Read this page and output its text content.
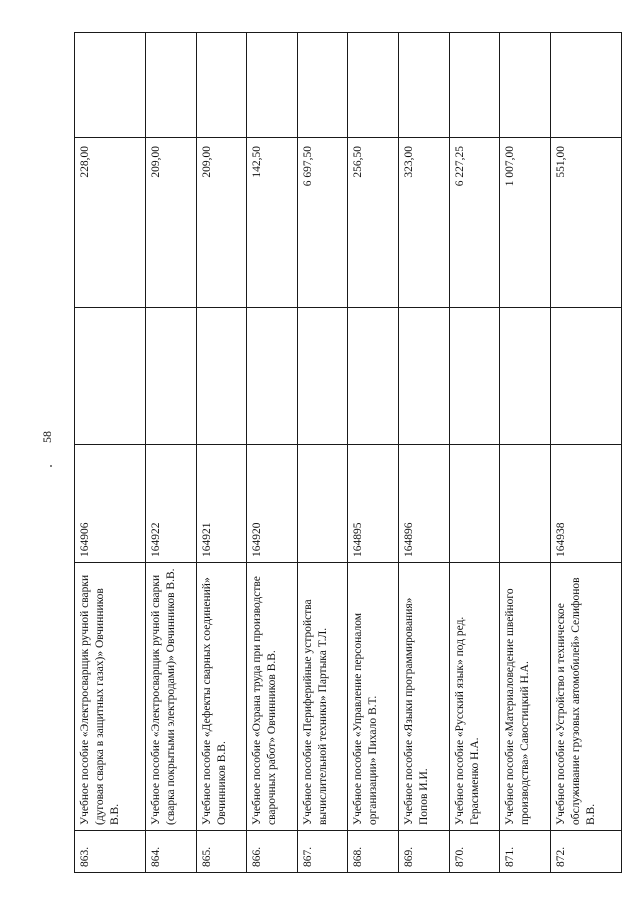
58
863.	Учебное пособие «Электросварщик ручной сварки (дуговая сварка в защитных газах)» Овчинников В.В.	164906		228,00	
864.	Учебное пособие «Электросварщик ручной сварки (сварка покрытыми электродами)» Овчинников В.В.	164922		209,00	
865.	Учебное пособие «Дефекты сварных соединений» Овчинников В.В.	164921		209,00	
866.	Учебное пособие «Охрана труда при производстве сварочных работ» Овчинников В.В.	164920		142,50	
867.	Учебное пособие «Периферийные устройства вычислительной техники» Партыка Т.Л.			6 697,50	
868.	Учебное пособие «Управление персоналом организации» Пихало В.Т.	164895		256,50	
869.	Учебное пособие «Языки программирования» Попов И.И.	164896		323,00	
870.	Учебное пособие «Русский язык» под ред. Герасименко Н.А.			6 227,25	
871.	Учебное пособие «Материаловедение швейного производства» Савостицкий Н.А.			1 007,00	
872.	Учебное пособие «Устройство и техническое обслуживание грузовых автомобилей» Селифонов В.В.	164938		551,00	
